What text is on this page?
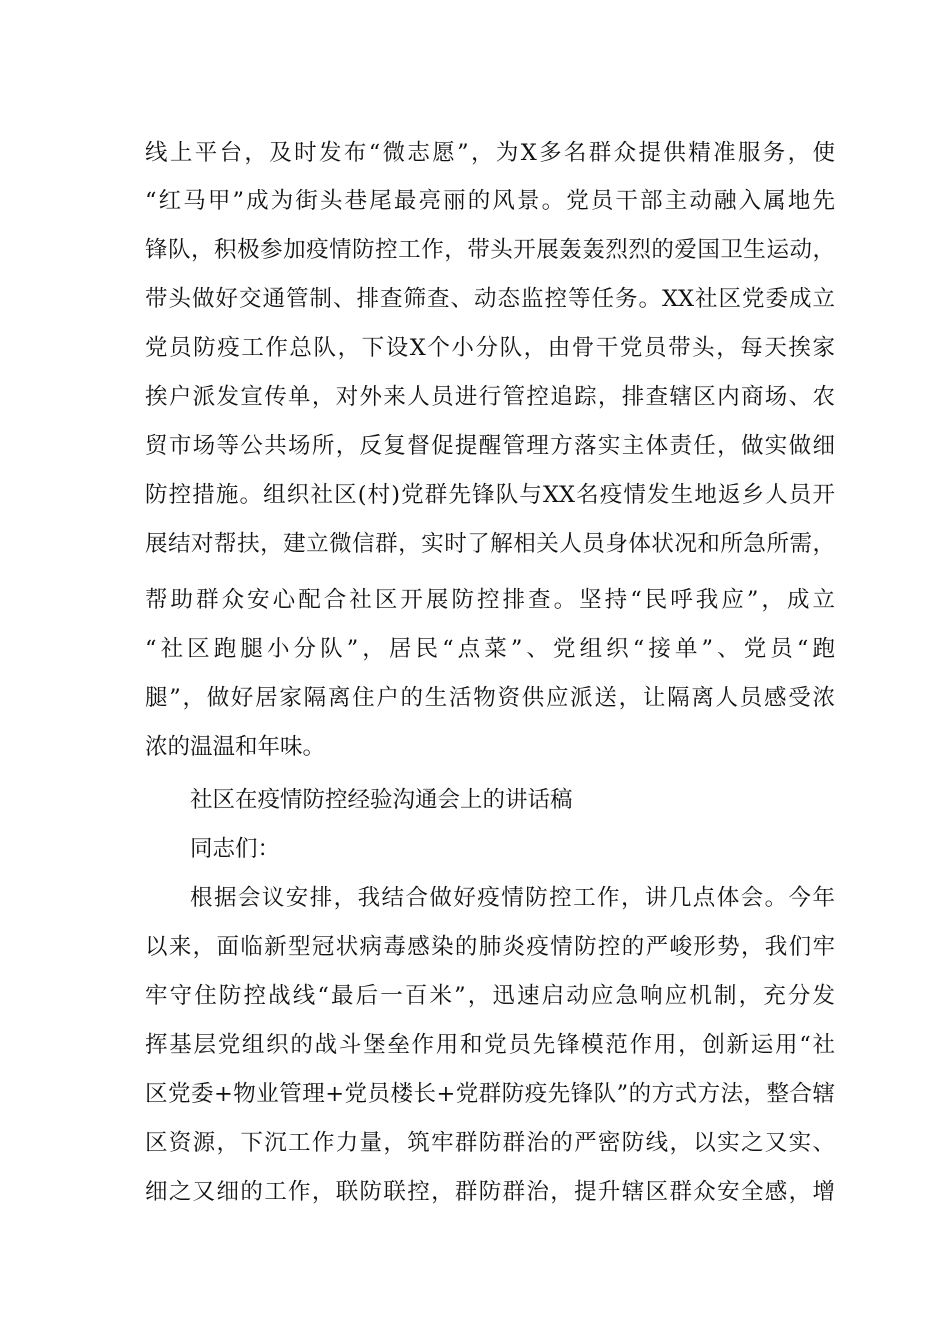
线上平台，及时发布“微志愿”，为X多名群众提供精准服务，使
“红马甲”成为街头巷尾最亮丽的风景。党员干部主动融入属地先
锋队，积极参加疫情防控工作，带头开展轰轰烈烈的爱国卫生运动，
带头做好交通管制、排查筛查、动态监控等任务。XX社区党委成立
党员防疫工作总队，下设X个小分队，由骨干党员带头，每天挨家
挨户派发宣传单，对外来人员进行管控追踪，排查辖区内商场、农
贸市场等公共场所，反复督促提醒管理方落实主体责任，做实做细
防控措施。组织社区(村)党群先锋队与XX名疫情发生地返乡人员开
展结对帮扶，建立微信群，实时了解相关人员身体状况和所急所需，
帮助群众安心配合社区开展防控排查。坚持“民呼我应”，成立
“社区跑腿小分队”，居民“点菜”、党组织“接单”、党员“跑
腿”，做好居家隔离住户的生活物资供应派送，让隔离人员感受浓
浓的温温和年味。
社区在疫情防控经验沟通会上的讲话稿
同志们：
根据会议安排，我结合做好疫情防控工作，讲几点体会。今年
以来，面临新型冠状病毒感染的肺炎疫情防控的严峻形势，我们牢
牢守住防控战线“最后一百米”，迅速启动应急响应机制，充分发
挥基层党组织的战斗堡垒作用和党员先锋模范作用，创新运用“社
区党委+物业管理+党员楼长+党群防疫先锋队”的方式方法，整合辖
区资源，下沉工作力量，筑牢群防群治的严密防线，以实之又实、
细之又细的工作，联防联控，群防群治，提升辖区群众安全感，增
